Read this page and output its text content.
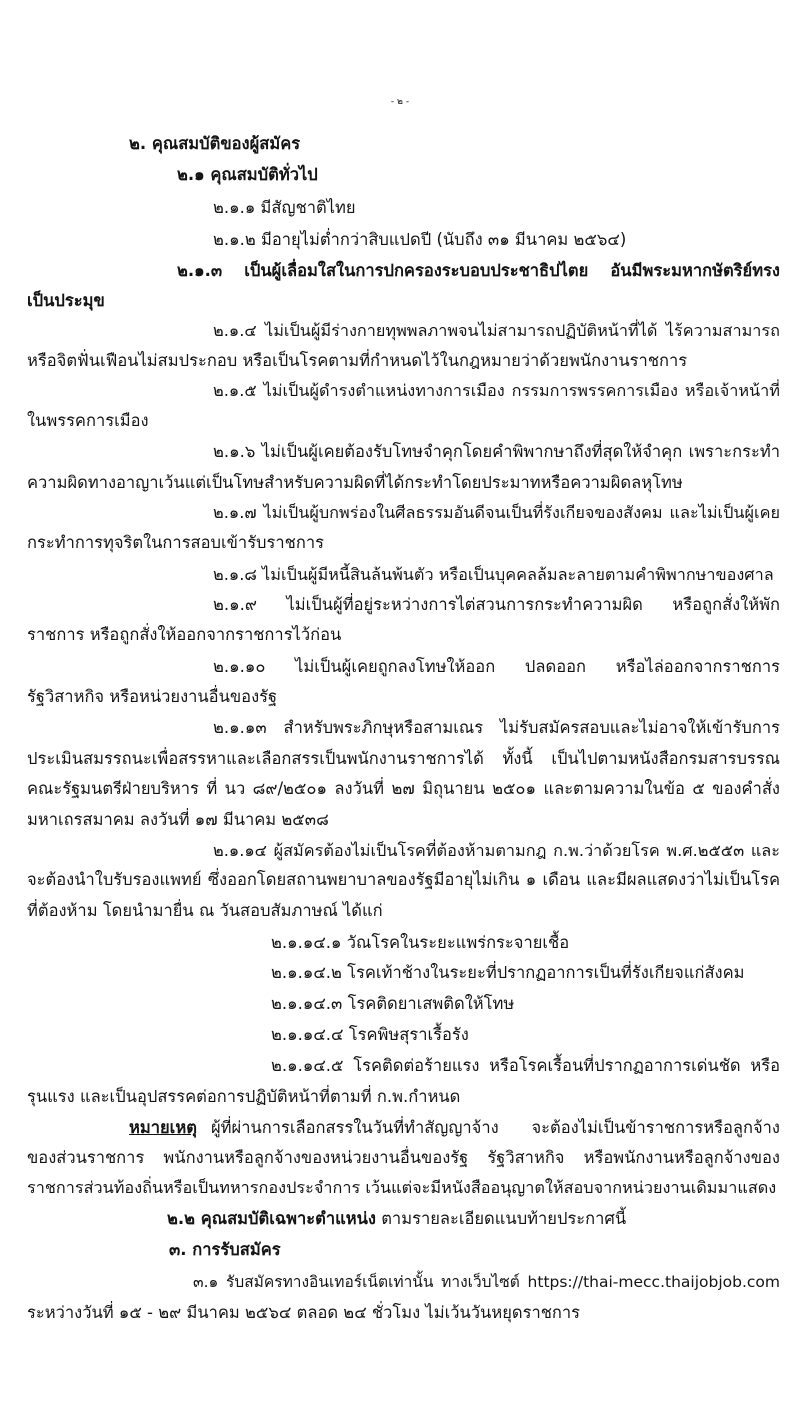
- ๒ -
๒. คุณสมบัติของผู้สมัคร
๒.๑ คุณสมบัติทั่วไป
๒.๑.๑ มีสัญชาติไทย
๒.๑.๒ มีอายุไม่ต่ำกว่าสิบแปดปี (นับถึง ๓๑ มีนาคม ๒๕๖๔)
๒.๑.๓ เป็นผู้เลื่อมใสในการปกครองระบอบประชาธิปไตย อันมีพระมหากษัตริย์ทรง
เป็นประมุข
๒.๑.๔ ไม่เป็นผู้มีร่างกายทุพพลภาพจนไม่สามารถปฏิบัติหน้าที่ได้ ไร้ความสามารถ
หรือจิตฟั่นเฟือนไม่สมประกอบ หรือเป็นโรคตามที่กำหนดไว้ในกฎหมายว่าด้วยพนักงานราชการ
๒.๑.๕ ไม่เป็นผู้ดำรงตำแหน่งทางการเมือง กรรมการพรรคการเมือง หรือเจ้าหน้าที่
ในพรรคการเมือง
๒.๑.๖ ไม่เป็นผู้เคยต้องรับโทษจำคุกโดยคำพิพากษาถึงที่สุดให้จำคุก เพราะกระทำ
ความผิดทางอาญาเว้นแต่เป็นโทษสำหรับความผิดที่ได้กระทำโดยประมาทหรือความผิดลหุโทษ
๒.๑.๗ ไม่เป็นผู้บกพร่องในศีลธรรมอันดีจนเป็นที่รังเกียจของสังคม และไม่เป็นผู้เคย
กระทำการทุจริตในการสอบเข้ารับราชการ
๒.๑.๘ ไม่เป็นผู้มีหนี้สินล้นพ้นตัว หรือเป็นบุคคลล้มละลายตามคำพิพากษาของศาล
๒.๑.๙ ไม่เป็นผู้ที่อยู่ระหว่างการไต่สวนการกระทำความผิด หรือถูกสั่งให้พัก
ราชการ หรือถูกสั่งให้ออกจากราชการไว้ก่อน
๒.๑.๑๐ ไม่เป็นผู้เคยถูกลงโทษให้ออก ปลดออก หรือไล่ออกจากราชการ
รัฐวิสาหกิจ หรือหน่วยงานอื่นของรัฐ
๒.๑.๑๓ สำหรับพระภิกษุหรือสามเณร ไม่รับสมัครสอบและไม่อาจให้เข้ารับการ
ประเมินสมรรถนะเพื่อสรรหาและเลือกสรรเป็นพนักงานราชการได้ ทั้งนี้ เป็นไปตามหนังสือกรมสารบรรณ
คณะรัฐมนตรีฝ่ายบริหาร ที่ นว ๘๙/๒๕๐๑ ลงวันที่ ๒๗ มิถุนายน ๒๕๐๑ และตามความในข้อ ๕ ของคำสั่ง
มหาเถรสมาคม ลงวันที่ ๑๗ มีนาคม ๒๕๓๘
๒.๑.๑๔ ผู้สมัครต้องไม่เป็นโรคที่ต้องห้ามตามกฎ ก.พ.ว่าด้วยโรค พ.ศ.๒๕๕๓ และ
จะต้องนำใบรับรองแพทย์ ซึ่งออกโดยสถานพยาบาลของรัฐมีอายุไม่เกิน ๑ เดือน และมีผลแสดงว่าไม่เป็นโรค
ที่ต้องห้าม โดยนำมายื่น ณ วันสอบสัมภาษณ์ ได้แก่
๒.๑.๑๔.๑ วัณโรคในระยะแพร่กระจายเชื้อ
๒.๑.๑๔.๒ โรคเท้าช้างในระยะที่ปรากฏอาการเป็นที่รังเกียจแก่สังคม
๒.๑.๑๔.๓ โรคติดยาเสพติดให้โทษ
๒.๑.๑๔.๔ โรคพิษสุราเรื้อรัง
๒.๑.๑๔.๕ โรคติดต่อร้ายแรง หรือโรคเรื้อนที่ปรากฏอาการเด่นชัด หรือ
รุนแรง และเป็นอุปสรรคต่อการปฏิบัติหน้าที่ตามที่ ก.พ.กำหนด
หมายเหตุ ผู้ที่ผ่านการเลือกสรรในวันที่ทำสัญญาจ้าง จะต้องไม่เป็นข้าราชการหรือลูกจ้าง
ของส่วนราชการ พนักงานหรือลูกจ้างของหน่วยงานอื่นของรัฐ รัฐวิสาหกิจ หรือพนักงานหรือลูกจ้างของ
ราชการส่วนท้องถิ่นหรือเป็นทหารกองประจำการ เว้นแต่จะมีหนังสืออนุญาตให้สอบจากหน่วยงานเดิมมาแสดง
๒.๒ คุณสมบัติเฉพาะตำแหน่ง ตามรายละเอียดแนบท้ายประกาศนี้
๓. การรับสมัคร
๓.๑ รับสมัครทางอินเทอร์เน็ตเท่านั้น ทางเว็บไซต์ https://thai-mecc.thaijobjob.com
ระหว่างวันที่ ๑๕ - ๒๙ มีนาคม ๒๕๖๔ ตลอด ๒๔ ชั่วโมง ไม่เว้นวันหยุดราชการ
